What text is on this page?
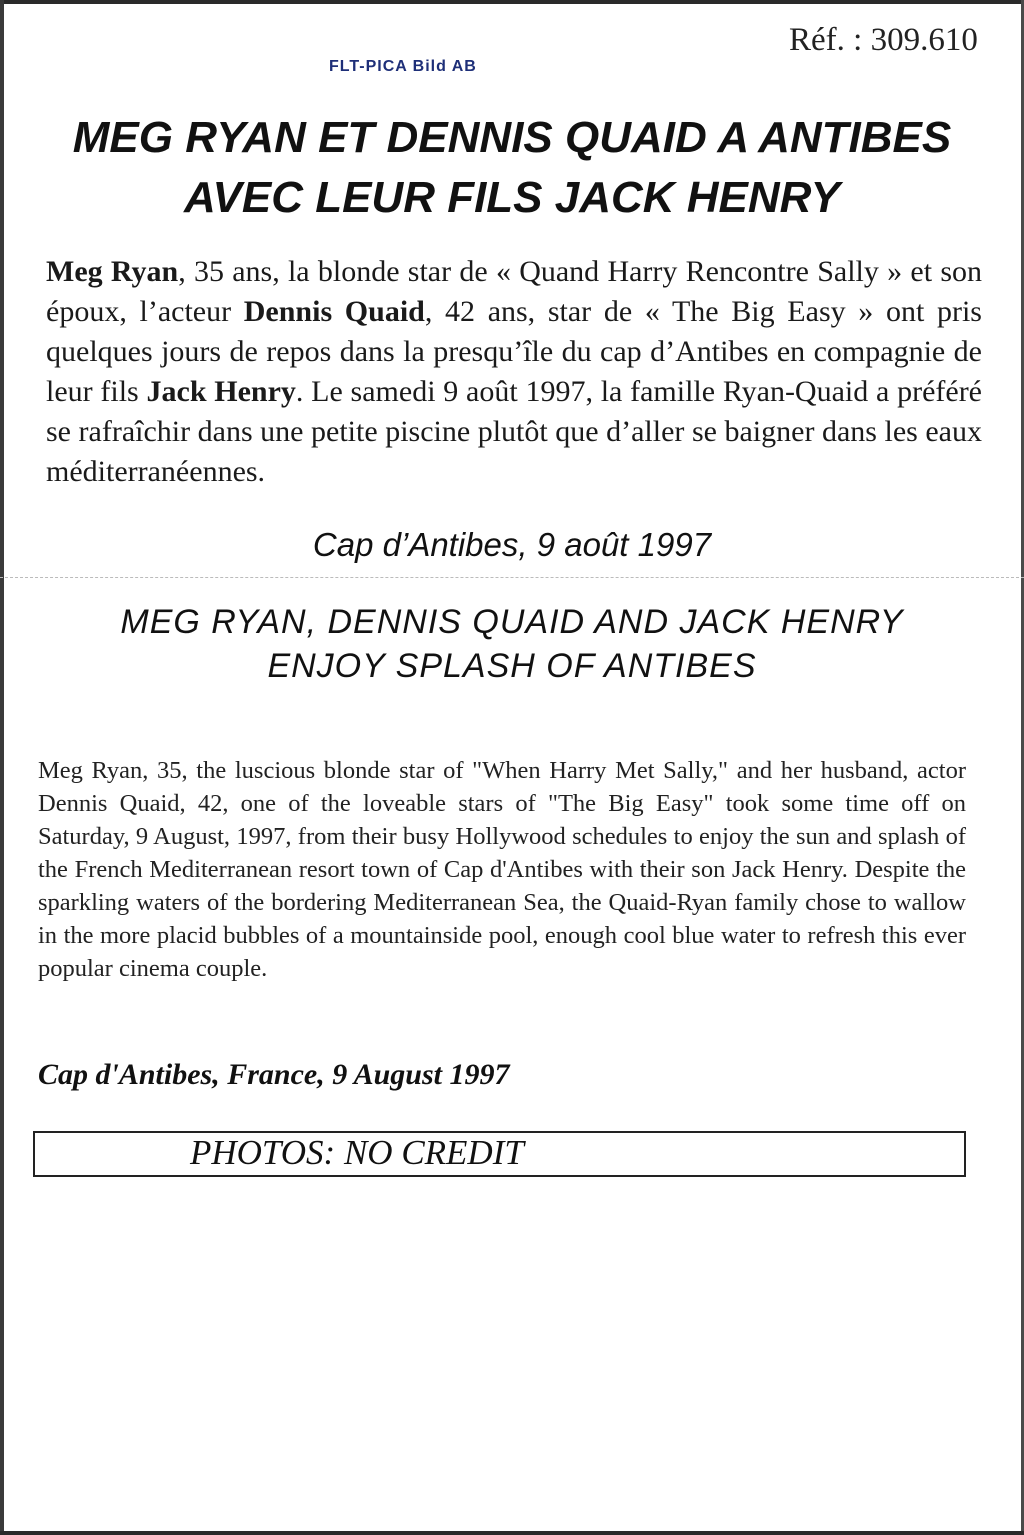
FLT-PICA Bild AB
Réf. : 309.610
MEG RYAN ET DENNIS QUAID A ANTIBES
AVEC LEUR FILS JACK HENRY
Meg Ryan, 35 ans, la blonde star de « Quand Harry Rencontre Sally » et son époux, l’acteur Dennis Quaid, 42 ans, star de « The Big Easy » ont pris quelques jours de repos dans la presqu’île du cap d’Antibes en compagnie de leur fils Jack Henry. Le samedi 9 août 1997, la famille Ryan-Quaid a préféré se rafraîchir dans une petite piscine plutôt que d’aller se baigner dans les eaux méditerranéennes.
Cap d’Antibes, 9 août 1997
MEG RYAN, DENNIS QUAID AND JACK HENRY
ENJOY SPLASH OF ANTIBES
Meg Ryan, 35, the luscious blonde star of "When Harry Met Sally," and her husband, actor Dennis Quaid, 42, one of the loveable stars of "The Big Easy" took some time off on Saturday, 9 August, 1997, from their busy Hollywood schedules to enjoy the sun and splash of the French Mediterranean resort town of Cap d'Antibes with their son Jack Henry. Despite the sparkling waters of the bordering Mediterranean Sea, the Quaid-Ryan family chose to wallow in the more placid bubbles of a mountainside pool, enough cool blue water to refresh this ever popular cinema couple.
Cap d'Antibes, France, 9 August 1997
PHOTOS: NO CREDIT
